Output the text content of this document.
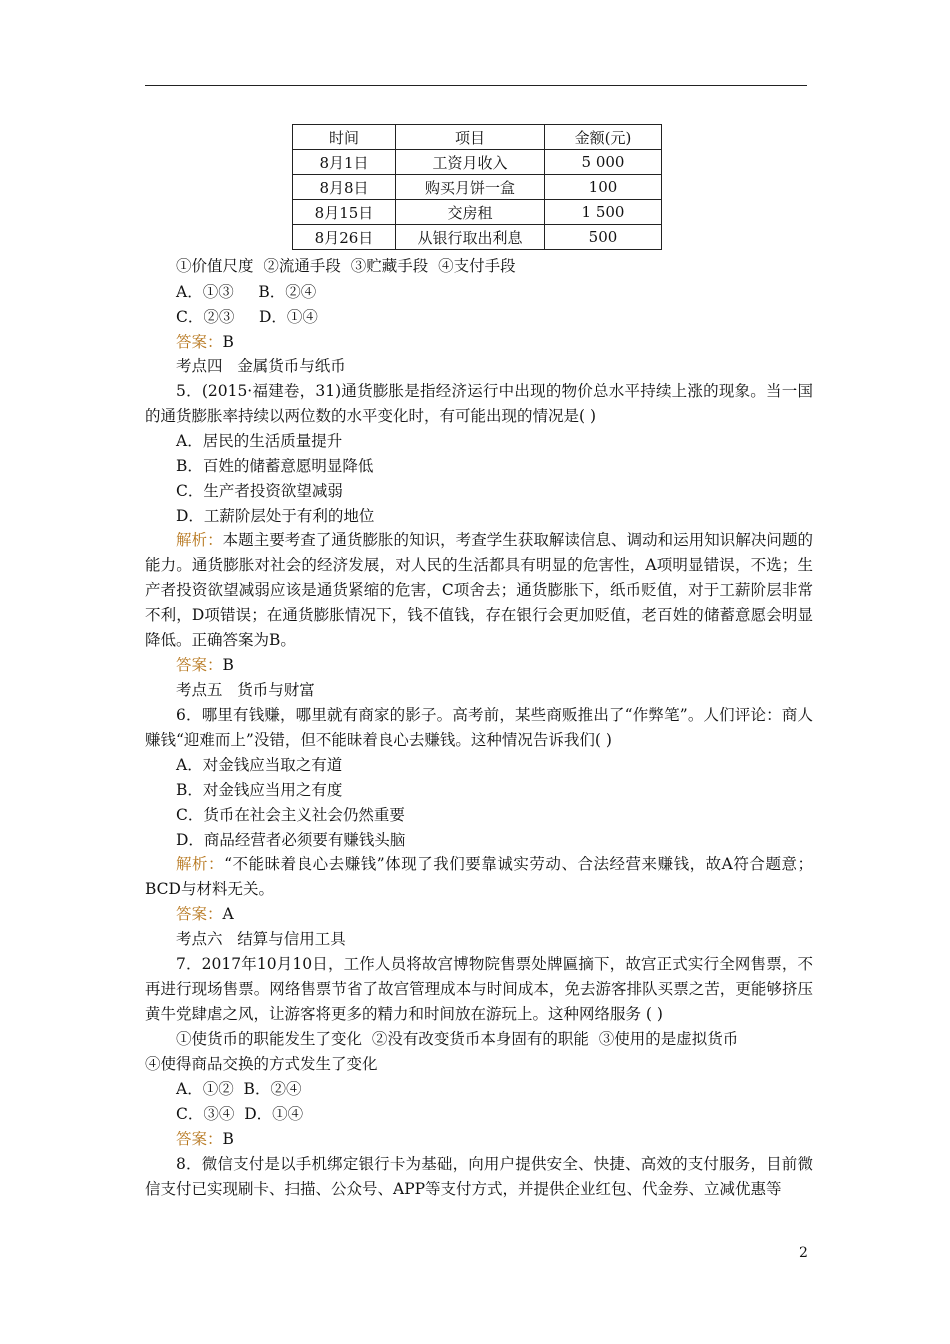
时间	项目	金额(元)
8月1日	工资月收入	5 000
8月8日	购买月饼一盒	100
8月15日	交房租	1 500
8月26日	从银行取出利息	500
①价值尺度  ②流通手段  ③贮藏手段  ④支付手段
A．①③     B．②④
C．②③     D．①④
答案：B
考点四   金属货币与纸币
5．(2015·福建卷，31)通货膨胀是指经济运行中出现的物价总水平持续上涨的现象。当一国的通货膨胀率持续以两位数的水平变化时，有可能出现的情况是( )
A．居民的生活质量提升
B．百姓的储蓄意愿明显降低
C．生产者投资欲望减弱
D．工薪阶层处于有利的地位
解析：本题主要考查了通货膨胀的知识，考查学生获取解读信息、调动和运用知识解决问题的能力。通货膨胀对社会的经济发展，对人民的生活都具有明显的危害性，A项明显错误，不选；生产者投资欲望减弱应该是通货紧缩的危害，C项舍去；通货膨胀下，纸币贬值，对于工薪阶层非常不利，D项错误；在通货膨胀情况下，钱不值钱，存在银行会更加贬值，老百姓的储蓄意愿会明显降低。正确答案为B。
答案：B
考点五   货币与财富
6．哪里有钱赚，哪里就有商家的影子。高考前，某些商贩推出了“作弊笔”。人们评论：商人赚钱“迎难而上”没错，但不能昧着良心去赚钱。这种情况告诉我们( )
A．对金钱应当取之有道
B．对金钱应当用之有度
C．货币在社会主义社会仍然重要
D．商品经营者必须要有赚钱头脑
解析：“不能昧着良心去赚钱”体现了我们要靠诚实劳动、合法经营来赚钱，故A符合题意；BCD与材料无关。
答案：A
考点六   结算与信用工具
7．2017年10月10日，工作人员将故宫博物院售票处牌匾摘下，故宫正式实行全网售票，不再进行现场售票。网络售票节省了故宫管理成本与时间成本，免去游客排队买票之苦，更能够挤压黄牛党肆虐之风，让游客将更多的精力和时间放在游玩上。这种网络服务 ( )
①使货币的职能发生了变化  ②没有改变货币本身固有的职能  ③使用的是虚拟货币
④使得商品交换的方式发生了变化
A．①②  B．②④
C．③④  D．①④
答案：B
8．微信支付是以手机绑定银行卡为基础，向用户提供安全、快捷、高效的支付服务，目前微信支付已实现刷卡、扫描、公众号、APP等支付方式，并提供企业红包、代金券、立减优惠等
2
